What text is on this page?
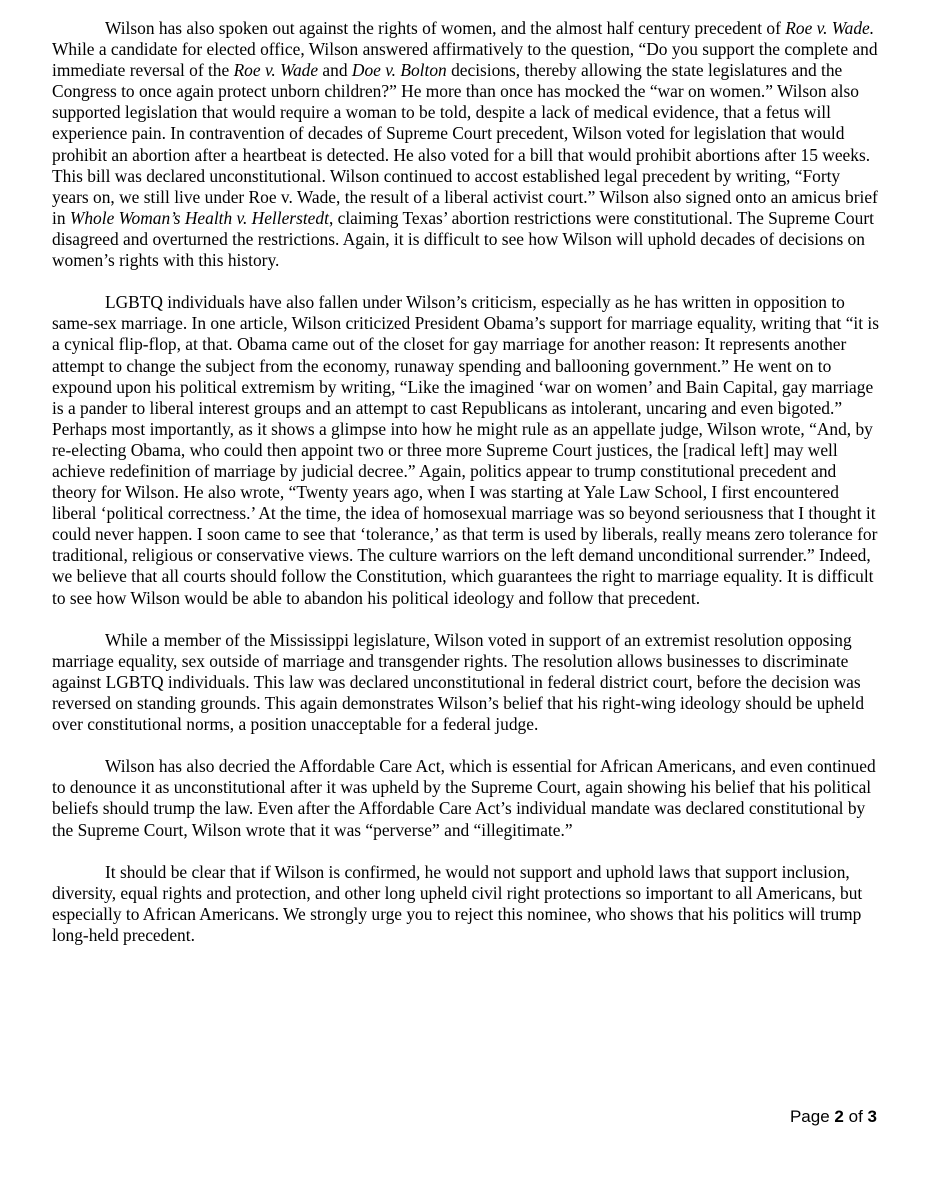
Wilson has also spoken out against the rights of women, and the almost half century precedent of Roe v. Wade. While a candidate for elected office, Wilson answered affirmatively to the question, “Do you support the complete and immediate reversal of the Roe v. Wade and Doe v. Bolton decisions, thereby allowing the state legislatures and the Congress to once again protect unborn children?” He more than once has mocked the “war on women.” Wilson also supported legislation that would require a woman to be told, despite a lack of medical evidence, that a fetus will experience pain. In contravention of decades of Supreme Court precedent, Wilson voted for legislation that would prohibit an abortion after a heartbeat is detected. He also voted for a bill that would prohibit abortions after 15 weeks. This bill was declared unconstitutional. Wilson continued to accost established legal precedent by writing, “Forty years on, we still live under Roe v. Wade, the result of a liberal activist court.” Wilson also signed onto an amicus brief in Whole Woman’s Health v. Hellerstedt, claiming Texas’ abortion restrictions were constitutional. The Supreme Court disagreed and overturned the restrictions. Again, it is difficult to see how Wilson will uphold decades of decisions on women’s rights with this history.

LGBTQ individuals have also fallen under Wilson’s criticism, especially as he has written in opposition to same-sex marriage. In one article, Wilson criticized President Obama’s support for marriage equality, writing that “it is a cynical flip-flop, at that. Obama came out of the closet for gay marriage for another reason: It represents another attempt to change the subject from the economy, runaway spending and ballooning government.” He went on to expound upon his political extremism by writing, “Like the imagined ‘war on women’ and Bain Capital, gay marriage is a pander to liberal interest groups and an attempt to cast Republicans as intolerant, uncaring and even bigoted.” Perhaps most importantly, as it shows a glimpse into how he might rule as an appellate judge, Wilson wrote, “And, by re-electing Obama, who could then appoint two or three more Supreme Court justices, the [radical left] may well achieve redefinition of marriage by judicial decree.” Again, politics appear to trump constitutional precedent and theory for Wilson. He also wrote, “Twenty years ago, when I was starting at Yale Law School, I first encountered liberal ‘political correctness.’ At the time, the idea of homosexual marriage was so beyond seriousness that I thought it could never happen. I soon came to see that ‘tolerance,’ as that term is used by liberals, really means zero tolerance for traditional, religious or conservative views. The culture warriors on the left demand unconditional surrender.” Indeed, we believe that all courts should follow the Constitution, which guarantees the right to marriage equality. It is difficult to see how Wilson would be able to abandon his political ideology and follow that precedent.

While a member of the Mississippi legislature, Wilson voted in support of an extremist resolution opposing marriage equality, sex outside of marriage and transgender rights. The resolution allows businesses to discriminate against LGBTQ individuals. This law was declared unconstitutional in federal district court, before the decision was reversed on standing grounds. This again demonstrates Wilson’s belief that his right-wing ideology should be upheld over constitutional norms, a position unacceptable for a federal judge.

Wilson has also decried the Affordable Care Act, which is essential for African Americans, and even continued to denounce it as unconstitutional after it was upheld by the Supreme Court, again showing his belief that his political beliefs should trump the law. Even after the Affordable Care Act’s individual mandate was declared constitutional by the Supreme Court, Wilson wrote that it was “perverse” and “illegitimate.”

It should be clear that if Wilson is confirmed, he would not support and uphold laws that support inclusion, diversity, equal rights and protection, and other long upheld civil right protections so important to all Americans, but especially to African Americans. We strongly urge you to reject this nominee, who shows that his politics will trump long-held precedent.

Page 2 of 3
